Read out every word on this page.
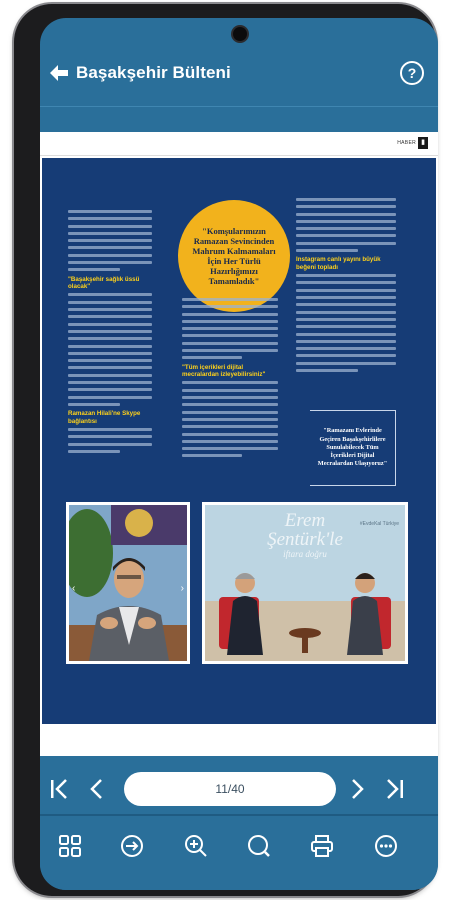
Başakşehir Bülteni	?
HABER ▮
"Başakşehir sağlık üssü olacak"
Ramazan Hilali'ne Skype bağlantısı
"Komşularımızın Ramazan Sevincinden Mahrum Kalmamaları İçin Her Türlü Hazırlığımızı Tamamladık"
"Tüm içerikleri dijital mecralardan izleyebilirsiniz"
Instagram canlı yayını büyük beğeni topladı
"Ramazanı Evlerinde Geçiren Başakşehirlilere Sunulabilecek Tüm İçerikleri Dijital Mecralardan Ulaşıyoruz"
‹	›
Erem
Şentürk'le
iftara doğru
#EvdeKal Türkiye
11/40
